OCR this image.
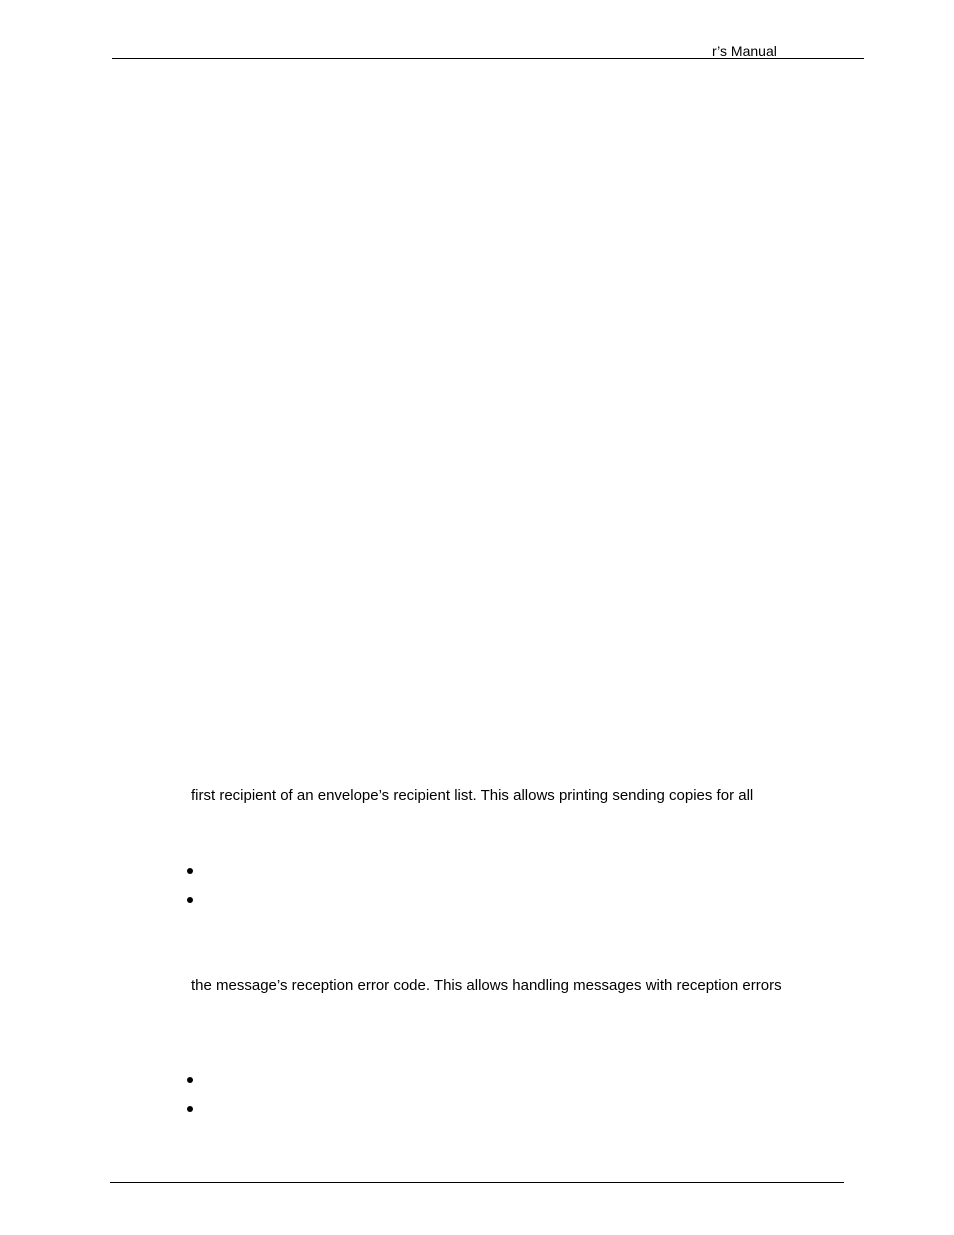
r’s Manual
first recipient of an envelope’s recipient list. This allows printing sending copies for all
the message’s reception error code. This allows handling messages with reception errors
